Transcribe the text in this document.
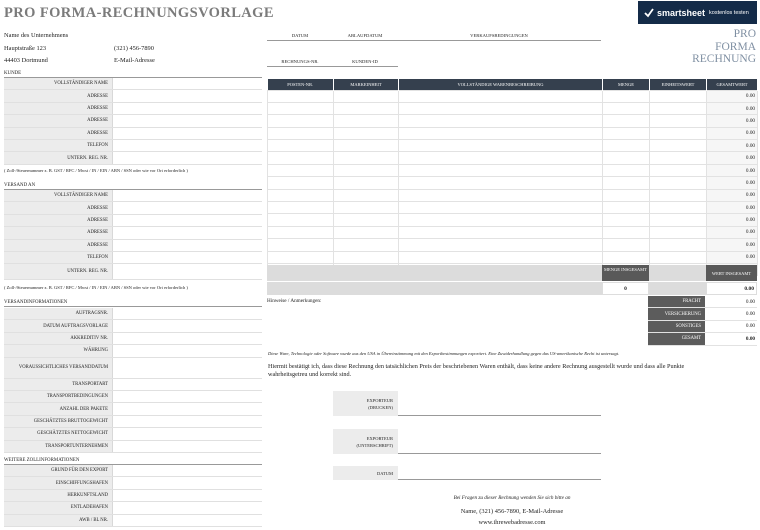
PRO FORMA-RECHNUNGSVORLAGE	smartsheet kostenlos testen
PRO
FORMA
RECHNUNG
Name des Unternehmens
Hauptstraße 123
44403 Dortmund
(321) 456-7890
E-Mail-Adresse
DATUM	ABLAUFDATUM	VERKAUFSBEDINGUNGEN
RECHNUNGS-NR.	KUNDEN-ID
KUNDE
VOLLSTÄNDIGER NAME
ADRESSE
ADRESSE
ADRESSE
ADRESSE
TELEFON
UNTERN. REG. NR.
( Zoll-/Steuernummer z. B. GST / RFC / Mwst / IN / EIN / ABN / SSN oder wie vor Ort erforderlich )
VERSAND AN
VOLLSTÄNDIGER NAME
ADRESSE
ADRESSE
ADRESSE
ADRESSE
TELEFON
UNTERN. REG. NR.
( Zoll-/Steuernummer z. B. GST / RFC / Mwst / IN / EIN / ABN / SSN oder wie vor Ort erforderlich )
VERSANDINFORMATIONEN
AUFTRAGSNR.
DATUM AUFTRAGSVORLAGE
AKKREDITIV NR.
WÄHRUNG
VORAUSSICHTLICHES VERSANDDATUM
TRANSPORTART
TRANSPORTBEDINGUNGEN
ANZAHL DER PAKETE
GESCHÄTZTES BRUTTOGEWICHT
GESCHÄTZTES NETTOGEWICHT
TRANSPORTUNTERNEHMEN
WEITERE ZOLLINFORMATIONEN
GRUND FÜR DEN EXPORT
EINSCHIFFUNGSHAFEN
HERKUNFTSLAND
ENTLADEHAFEN
AWB / BL NR.
POSTEN-NR.	MARKEINHEIT	VOLLSTÄNDIGE WARENBESCHREIBUNG	MENGE	EINHEITSWERT	GESAMTWERT
					0.00
					0.00
					0.00
					0.00
					0.00
					0.00
					0.00
					0.00
					0.00
					0.00
					0.00
					0.00
					0.00
					0.00

MENGE INSGESAMT
WERT INSGESAMT
0	0.00
Hinweise / Anmerkungen:	FRACHT	0.00
VERSICHERUNG	0.00
SONSTIGES	0.00
GESAMT	0.00
Diese Ware, Technologie oder Software wurde aus den USA in Übereinstimmung mit den Exportbestimmungen exportiert. Eine Zuwiderhandlung gegen das US-amerikanische Recht ist untersagt.
Hiermit bestätigt ich, dass diese Rechnung den tatsächlichen Preis der beschriebenen Waren enthält, dass keine andere Rechnung ausgestellt wurde und dass alle Punkte
wahrheitsgetreu und korrekt sind.
EXPORTEUR
(DRUCKEN)
EXPORTEUR
(UNTERSCHRIFT)
DATUM
Bei Fragen zu dieser Rechnung wenden Sie sich bitte an
Name, (321) 456-7890, E-Mail-Adresse
www.ihrewebadresse.com
